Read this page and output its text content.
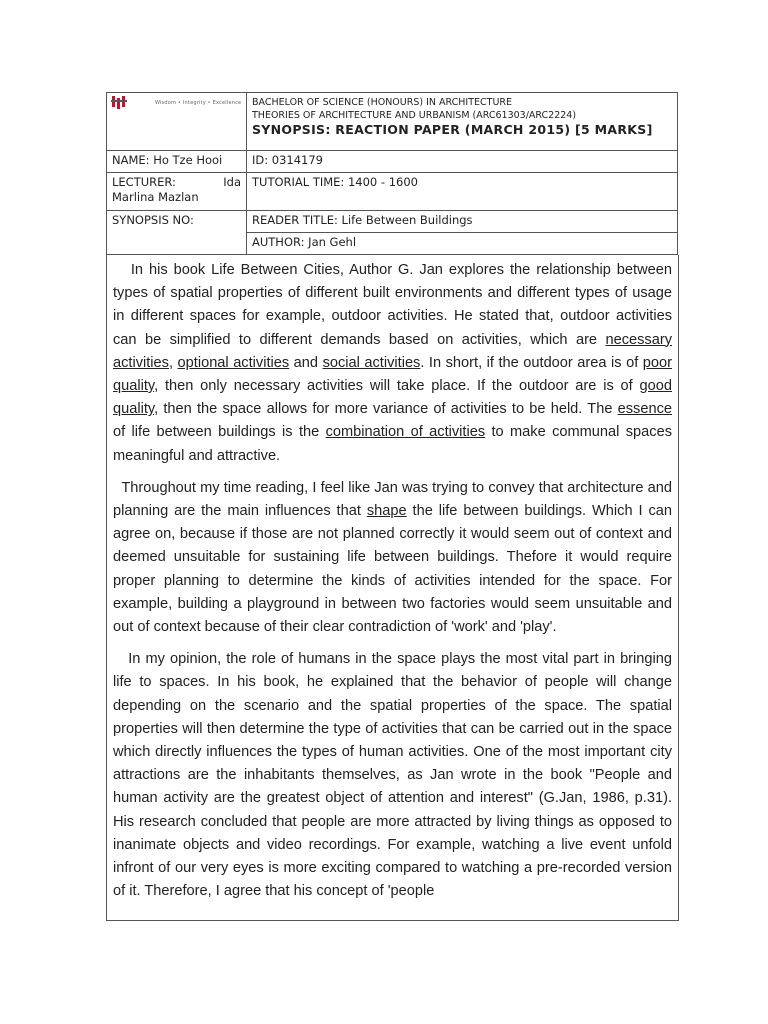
Wisdom • Integrity • Excellence	BACHELOR OF SCIENCE (HONOURS) IN ARCHITECTURE
THEORIES OF ARCHITECTURE AND URBANISM (ARC61303/ARC2224)
SYNOPSIS: REACTION PAPER (MARCH 2015) [5 MARKS]

NAME: Ho Tze Hooi	ID: 0314179

LECTURER: Ida
Marlina Mazlan	TUTORIAL TIME: 1400 - 1600
SYNOPSIS NO:	READER TITLE: Life Between Buildings
	AUTHOR: Jan Gehl

In his book Life Between Cities, Author G. Jan explores the relationship between types of spatial properties of different built environments and different types of usage in different spaces for example, outdoor activities. He stated that, outdoor activities can be simplified to different demands based on activities, which are necessary activities, optional activities and social activities. In short, if the outdoor area is of poor quality, then only necessary activities will take place. If the outdoor are is of good quality, then the space allows for more variance of activities to be held. The essence of life between buildings is the combination of activities to make communal spaces meaningful and attractive.

Throughout my time reading, I feel like Jan was trying to convey that architecture and planning are the main influences that shape the life between buildings. Which I can agree on, because if those are not planned correctly it would seem out of context and deemed unsuitable for sustaining life between buildings. Thefore it would require proper planning to determine the kinds of activities intended for the space. For example, building a playground in between two factories would seem unsuitable and out of context because of their clear contradiction of 'work' and 'play'.

In my opinion, the role of humans in the space plays the most vital part in bringing life to spaces. In his book, he explained that the behavior of people will change depending on the scenario and the spatial properties of the space. The spatial properties will then determine the type of activities that can be carried out in the space which directly influences the types of human activities. One of the most important city attractions are the inhabitants themselves, as Jan wrote in the book "People and human activity are the greatest object of attention and interest" (G.Jan, 1986, p.31). His research concluded that people are more attracted by living things as opposed to inanimate objects and video recordings. For example, watching a live event unfold infront of our very eyes is more exciting compared to watching a pre-recorded version of it. Therefore, I agree that his concept of 'people
